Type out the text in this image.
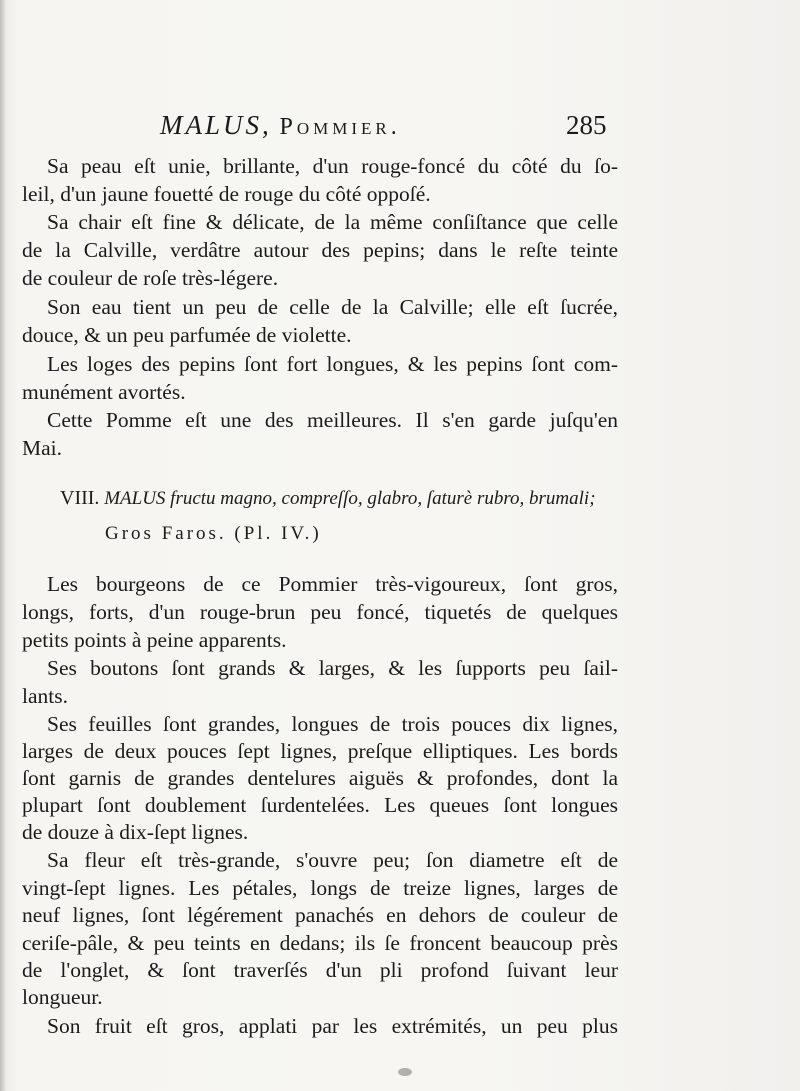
MALUS, Pommier.	285
Sa peau eſt unie, brillante, d'un rouge-foncé du côté du ſo-
leil, d'un jaune fouetté de rouge du côté oppoſé.
Sa chair eſt fine & délicate, de la même conſiſtance que celle
de la Calville, verdâtre autour des pepins; dans le reſte teinte
de couleur de roſe très-légere.
Son eau tient un peu de celle de la Calville; elle eſt ſucrée,
douce, & un peu parfumée de violette.
Les loges des pepins ſont fort longues, & les pepins ſont com-
munément avortés.
Cette Pomme eſt une des meilleures. Il s'en garde juſqu'en
Mai.
VIII. MALUS fructu magno, compreſſo, glabro, ſaturè rubro, brumali;
Gros Faros. (Pl. IV.)
Les bourgeons de ce Pommier très-vigoureux, ſont gros,
longs, forts, d'un rouge-brun peu foncé, tiquetés de quelques
petits points à peine apparents.
Ses boutons ſont grands & larges, & les ſupports peu ſail-
lants.
Ses feuilles ſont grandes, longues de trois pouces dix lignes,
larges de deux pouces ſept lignes, preſque elliptiques. Les bords
ſont garnis de grandes dentelures aiguës & profondes, dont la
plupart ſont doublement ſurdentelées. Les queues ſont longues
de douze à dix-ſept lignes.
Sa fleur eſt très-grande, s'ouvre peu; ſon diametre eſt de
vingt-ſept lignes. Les pétales, longs de treize lignes, larges de
neuf lignes, ſont légérement panachés en dehors de couleur de
ceriſe-pâle, & peu teints en dedans; ils ſe froncent beaucoup près
de l'onglet, & ſont traverſés d'un pli profond ſuivant leur
longueur.
Son fruit eſt gros, applati par les extrémités, un peu plus
